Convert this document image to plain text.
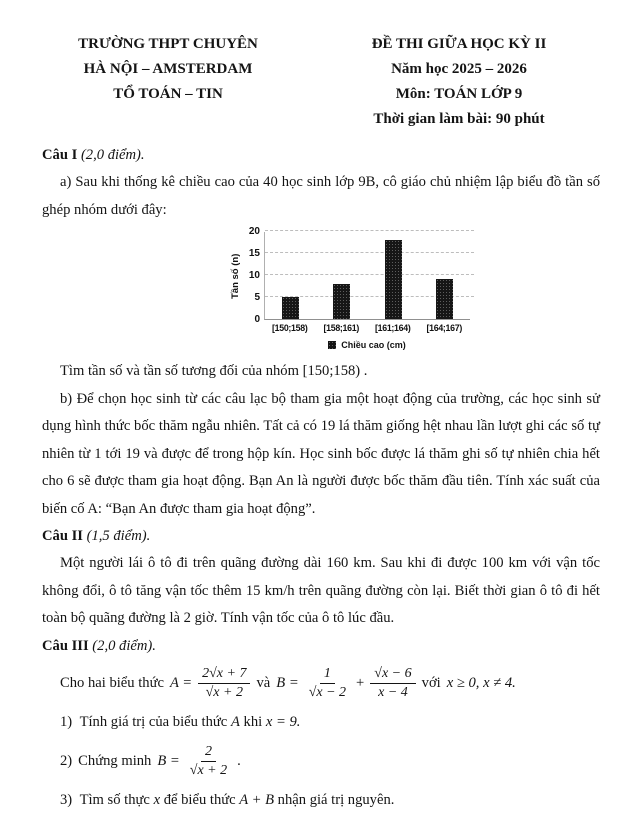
TRƯỜNG THPT CHUYÊN
HÀ NỘI – AMSTERDAM
TỔ TOÁN – TIN
ĐỀ THI GIỮA HỌC KỲ II
Năm học 2025 – 2026
Môn: TOÁN LỚP 9
Thời gian làm bài: 90 phút

Câu I (2,0 điểm).

a) Sau khi thống kê chiều cao của 40 học sinh lớp 9B, cô giáo chủ nhiệm lập biểu đồ tần số ghép nhóm dưới đây:

Tần số (n)
0
5
10
15
20
[150;158) [158;161) [161;164) [164;167)
Chiều cao (cm)

Tìm tần số và tần số tương đối của nhóm [150;158) .

b) Để chọn học sinh từ các câu lạc bộ tham gia một hoạt động của trường, các học sinh sử dụng hình thức bốc thăm ngẫu nhiên. Tất cả có 19 lá thăm giống hệt nhau lần lượt ghi các số tự nhiên từ 1 tới 19 và được để trong hộp kín. Học sinh bốc được lá thăm ghi số tự nhiên chia hết cho 6 sẽ được tham gia hoạt động. Bạn An là người được bốc thăm đầu tiên. Tính xác suất của biến cố A: “Bạn An được tham gia hoạt động”.

Câu II (1,5 điểm).

Một người lái ô tô đi trên quãng đường dài 160 km. Sau khi đi được 100 km với vận tốc không đổi, ô tô tăng vận tốc thêm 15 km/h trên quãng đường còn lại. Biết thời gian ô tô đi hết toàn bộ quãng đường là 2 giờ. Tính vận tốc của ô tô lúc đầu.

Câu III (2,0 điểm).

Cho hai biểu thức $A = \frac{2√x + 7}{√x + 2}$ và $B = \frac{1}{√x - 2} + \frac{√x - 6}{x - 4}$ với x ≥ 0, x ≠ 4.

1) Tính giá trị của biểu thức A khi x = 9.

2) Chứng minh $B = \frac{2}{√x + 2}$ .

3) Tìm số thực x để biểu thức A + B nhận giá trị nguyên.
